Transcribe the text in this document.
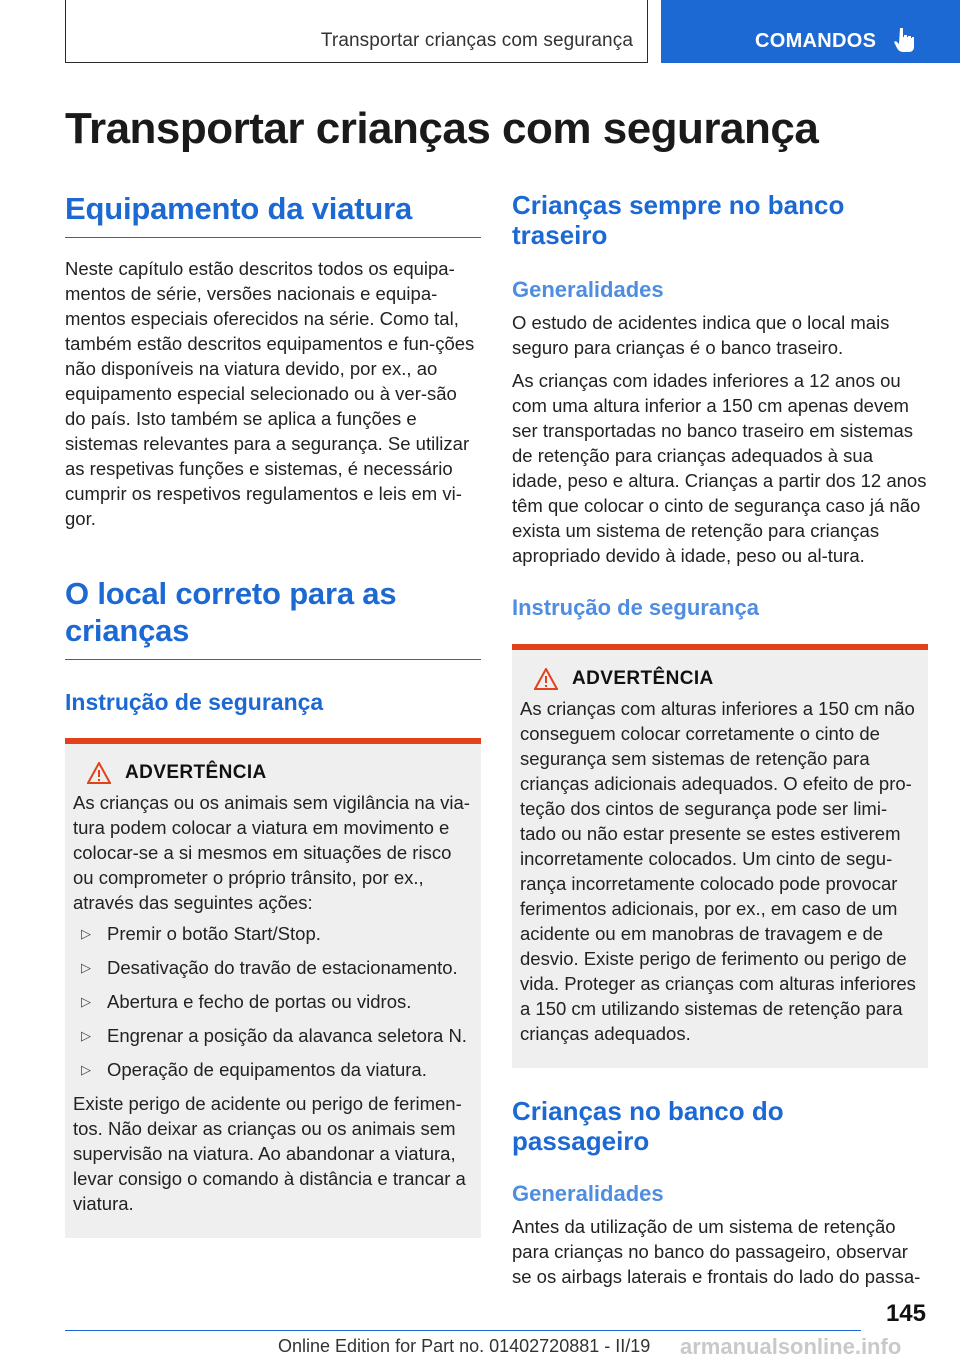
Transportar crianças com segurança	COMANDOS
Transportar crianças com segurança
Equipamento da viatura

Neste capítulo estão descritos todos os equipa-mentos de série, versões nacionais e equipa-mentos especiais oferecidos na série. Como tal, também estão descritos equipamentos e fun-ções não disponíveis na viatura devido, por ex., ao equipamento especial selecionado ou à ver-são do país. Isto também se aplica a funções e sistemas relevantes para a segurança. Se utilizar as respetivas funções e sistemas, é necessário cumprir os respetivos regulamentos e leis em vi-gor.

O local correto para as crianças
Instrução de segurança
ADVERTÊNCIA

As crianças ou os animais sem vigilância na via-tura podem colocar a viatura em movimento e colocar-se a si mesmos em situações de risco ou comprometer o próprio trânsito, por ex., através das seguintes ações:

▷ Premir o botão Start/Stop.
▷ Desativação do travão de estacionamento.
▷ Abertura e fecho de portas ou vidros.
▷ Engrenar a posição da alavanca seletora N.
▷ Operação de equipamentos da viatura.

Existe perigo de acidente ou perigo de ferimen-tos. Não deixar as crianças ou os animais sem supervisão na viatura. Ao abandonar a viatura, levar consigo o comando à distância e trancar a viatura.

Crianças sempre no banco traseiro
Generalidades

O estudo de acidentes indica que o local mais seguro para crianças é o banco traseiro.

As crianças com idades inferiores a 12 anos ou com uma altura inferior a 150 cm apenas devem ser transportadas no banco traseiro em sistemas de retenção para crianças adequados à sua idade, peso e altura. Crianças a partir dos 12 anos têm que colocar o cinto de segurança caso já não exista um sistema de retenção para crianças apropriado devido à idade, peso ou al-tura.

Instrução de segurança
ADVERTÊNCIA

As crianças com alturas inferiores a 150 cm não conseguem colocar corretamente o cinto de segurança sem sistemas de retenção para crianças adicionais adequados. O efeito de pro-teção dos cintos de segurança pode ser limi-tado ou não estar presente se estes estiverem incorretamente colocados. Um cinto de segu-rança incorretamente colocado pode provocar ferimentos adicionais, por ex., em caso de um acidente ou em manobras de travagem e de desvio. Existe perigo de ferimento ou perigo de vida. Proteger as crianças com alturas inferiores a 150 cm utilizando sistemas de retenção para crianças adequados.

Crianças no banco do passageiro
Generalidades

Antes da utilização de um sistema de retenção para crianças no banco do passageiro, observar se os airbags laterais e frontais do lado do passa-

145
Online Edition for Part no. 01402720881 - II/19 armanualsonline.info
